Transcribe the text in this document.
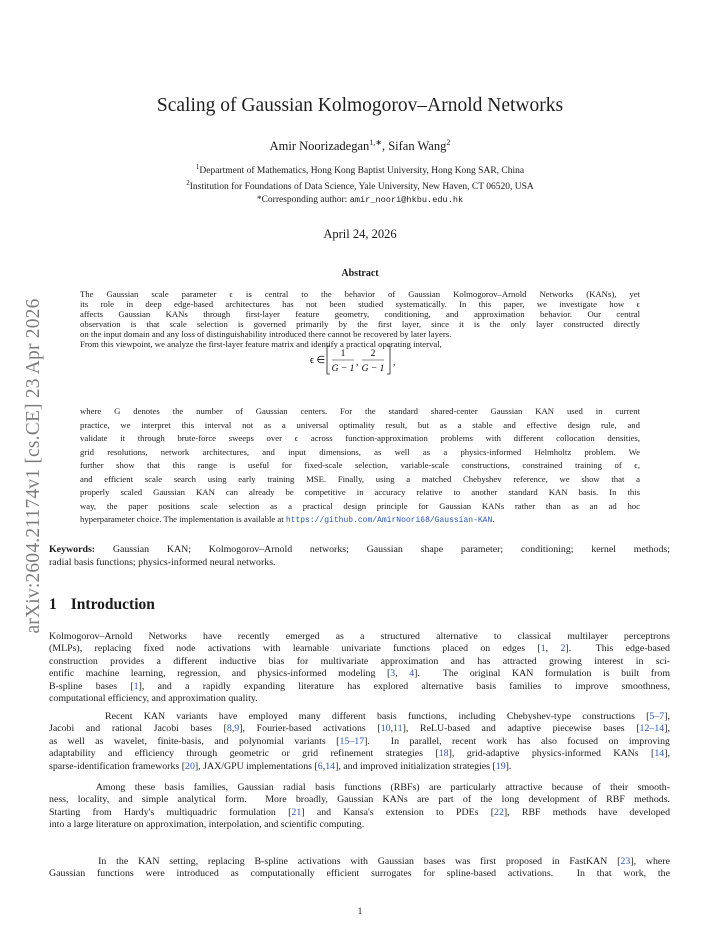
arXiv:2604.21174v1 [cs.CE] 23 Apr 2026
Scaling of Gaussian Kolmogorov–Arnold Networks
Amir Noorizadegan$^{1,∗}$, Sifan Wang$^2$
$^1$Department of Mathematics, Hong Kong Baptist University, Hong Kong SAR, China
$^2$Institution for Foundations of Data Science, Yale University, New Haven, CT 06520, USA
*Corresponding author: amir_noori@hkbu.edu.hk
April 24, 2026
Abstract
The Gaussian scale parameter ϵ is central to the behavior of Gaussian Kolmogorov–Arnold Networks (KANs), yet
its role in deep edge-based architectures has not been studied systematically. In this paper, we investigate how ϵ
affects Gaussian KANs through first-layer feature geometry, conditioning, and approximation behavior. Our central
observation is that scale selection is governed primarily by the first layer, since it is the only layer constructed directly
on the input domain and any loss of distinguishability introduced there cannot be recovered by later layers.
From this viewpoint, we analyze the first-layer feature matrix and identify a practical operating interval,
ϵ ∈
1
G − 1
,
2
G − 1
,
where G denotes the number of Gaussian centers. For the standard shared-center Gaussian KAN used in current
practice, we interpret this interval not as a universal optimality result, but as a stable and effective design rule, and
validate it through brute-force sweeps over ϵ across function-approximation problems with different collocation densities,
grid resolutions, network architectures, and input dimensions, as well as a physics-informed Helmholtz problem. We
further show that this range is useful for fixed-scale selection, variable-scale constructions, constrained training of ϵ,
and efficient scale search using early training MSE. Finally, using a matched Chebyshev reference, we show that a
properly scaled Gaussian KAN can already be competitive in accuracy relative to another standard KAN basis. In this
way, the paper positions scale selection as a practical design principle for Gaussian KANs rather than as an ad hoc
hyperparameter choice. The implementation is available at https://github.com/AmirNoori68/Gaussian-KAN.
Keywords: Gaussian KAN; Kolmogorov–Arnold networks; Gaussian shape parameter; conditioning; kernel methods;
radial basis functions; physics-informed neural networks.
1 Introduction
Kolmogorov–Arnold Networks have recently emerged as a structured alternative to classical multilayer perceptrons
(MLPs), replacing fixed node activations with learnable univariate functions placed on edges [1, 2].  This edge-based
construction provides a different inductive bias for multivariate approximation and has attracted growing interest in sci-
entific machine learning, regression, and physics-informed modeling [3, 4].  The original KAN formulation is built from
B-spline bases [1], and a rapidly expanding literature has explored alternative basis families to improve smoothness,
computational efficiency, and approximation quality.
Recent KAN variants have employed many different basis functions, including Chebyshev-type constructions [5–7],
Jacobi and rational Jacobi bases [8,9], Fourier-based activations [10,11], ReLU-based and adaptive piecewise bases [12–14],
as well as wavelet, finite-basis, and polynomial variants [15–17].  In parallel, recent work has also focused on improving
adaptability and efficiency through geometric or grid refinement strategies [18], grid-adaptive physics-informed KANs [14],
sparse-identification frameworks [20], JAX/GPU implementations [6,14], and improved initialization strategies [19].
Among these basis families, Gaussian radial basis functions (RBFs) are particularly attractive because of their smooth-
ness, locality, and simple analytical form.  More broadly, Gaussian KANs are part of the long development of RBF methods.
Starting from Hardy's multiquadric formulation [21] and Kansa's extension to PDEs [22], RBF methods have developed
into a large literature on approximation, interpolation, and scientific computing.
In the KAN setting, replacing B-spline activations with Gaussian bases was first proposed in FastKAN [23], where
Gaussian functions were introduced as computationally efficient surrogates for spline-based activations.  In that work, the
1
